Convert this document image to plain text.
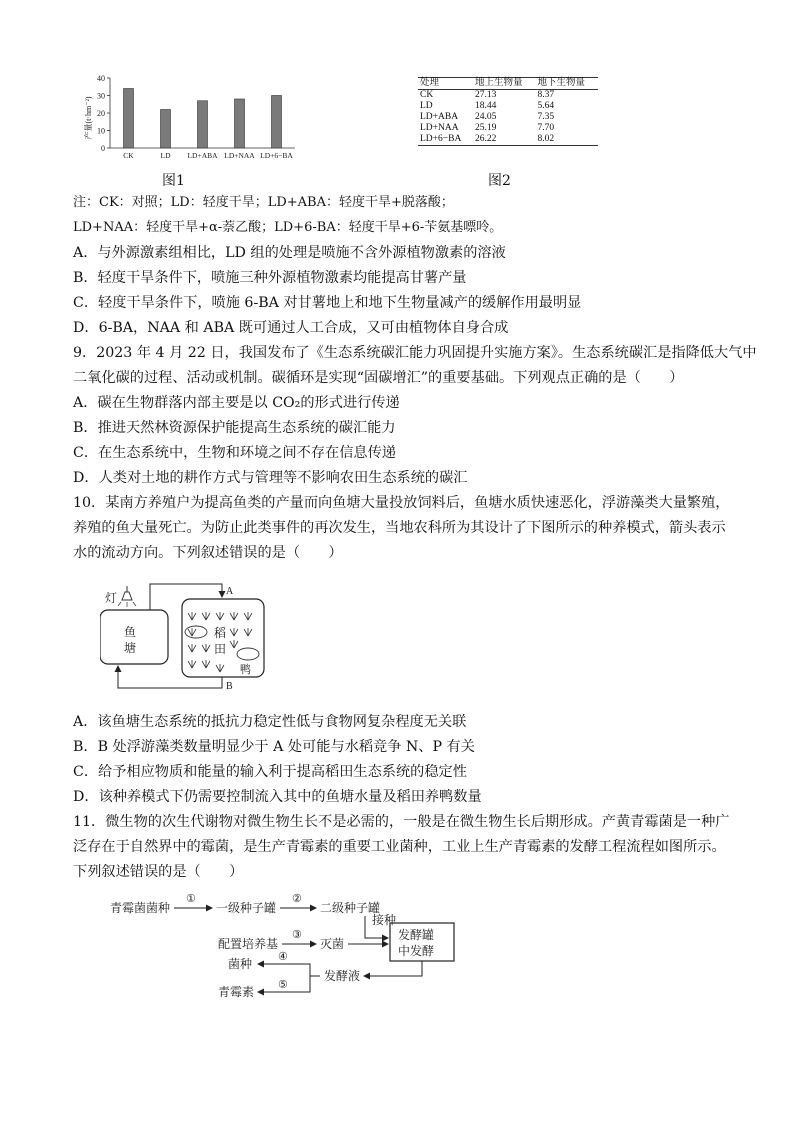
产量(t·hm⁻²)
0
10
20
30
40
CK	LD LD+ABA LD+NAA LD+6−BA
图1
处理	地上生物量	地下生物量
CK	27.13	8.37
LD	18.44	5.64
LD+ABA	24.05	7.35
LD+NAA	25.19	7.70
LD+6−BA	26.22	8.02
图2
注：CK：对照；LD：轻度干旱；LD+ABA：轻度干旱+脱落酸；
LD+NAA：轻度干旱+α-萘乙酸；LD+6-BA：轻度干旱+6-苄氨基嘌呤。
A．与外源激素组相比，LD 组的处理是喷施不含外源植物激素的溶液
B．轻度干旱条件下，喷施三种外源植物激素均能提高甘薯产量
C．轻度干旱条件下，喷施 6-BA 对甘薯地上和地下生物量减产的缓解作用最明显
D．6-BA，NAA 和 ABA 既可通过人工合成，又可由植物体自身合成
9．2023 年 4 月 22 日，我国发布了《生态系统碳汇能力巩固提升实施方案》。生态系统碳汇是指降低大气中
二氧化碳的过程、活动或机制。碳循环是实现“固碳增汇”的重要基础。下列观点正确的是（　　）
A．碳在生物群落内部主要是以 CO₂的形式进行传递
B．推进天然林资源保护能提高生态系统的碳汇能力
C．在生态系统中，生物和环境之间不存在信息传递
D．人类对土地的耕作方式与管理等不影响农田生态系统的碳汇
10．某南方养殖户为提高鱼类的产量而向鱼塘大量投放饲料后，鱼塘水质快速恶化，浮游藻类大量繁殖，
养殖的鱼大量死亡。为防止此类事件的再次发生，当地农科所为其设计了下图所示的种养模式，箭头表示
水的流动方向。下列叙述错误的是（　　）
灯
鱼
塘
稻
田
鸭
A
B
A．该鱼塘生态系统的抵抗力稳定性低与食物网复杂程度无关联
B．B 处浮游藻类数量明显少于 A 处可能与水稻竞争 N、P 有关
C．给予相应物质和能量的输入利于提高稻田生态系统的稳定性
D．该种养模式下仍需要控制流入其中的鱼塘水量及稻田养鸭数量
11．微生物的次生代谢物对微生物生长不是必需的，一般是在微生物生长后期形成。产黄青霉菌是一种广
泛存在于自然界中的霉菌，是生产青霉素的重要工业菌种，工业上生产青霉素的发酵工程流程如图所示。
下列叙述错误的是（　　）
青霉菌菌种
①
一级种子罐
②
二级种子罐
接种
配置培养基
③
灭菌
发酵罐
中发酵
发酵液
④
菌种
⑤
青霉素
